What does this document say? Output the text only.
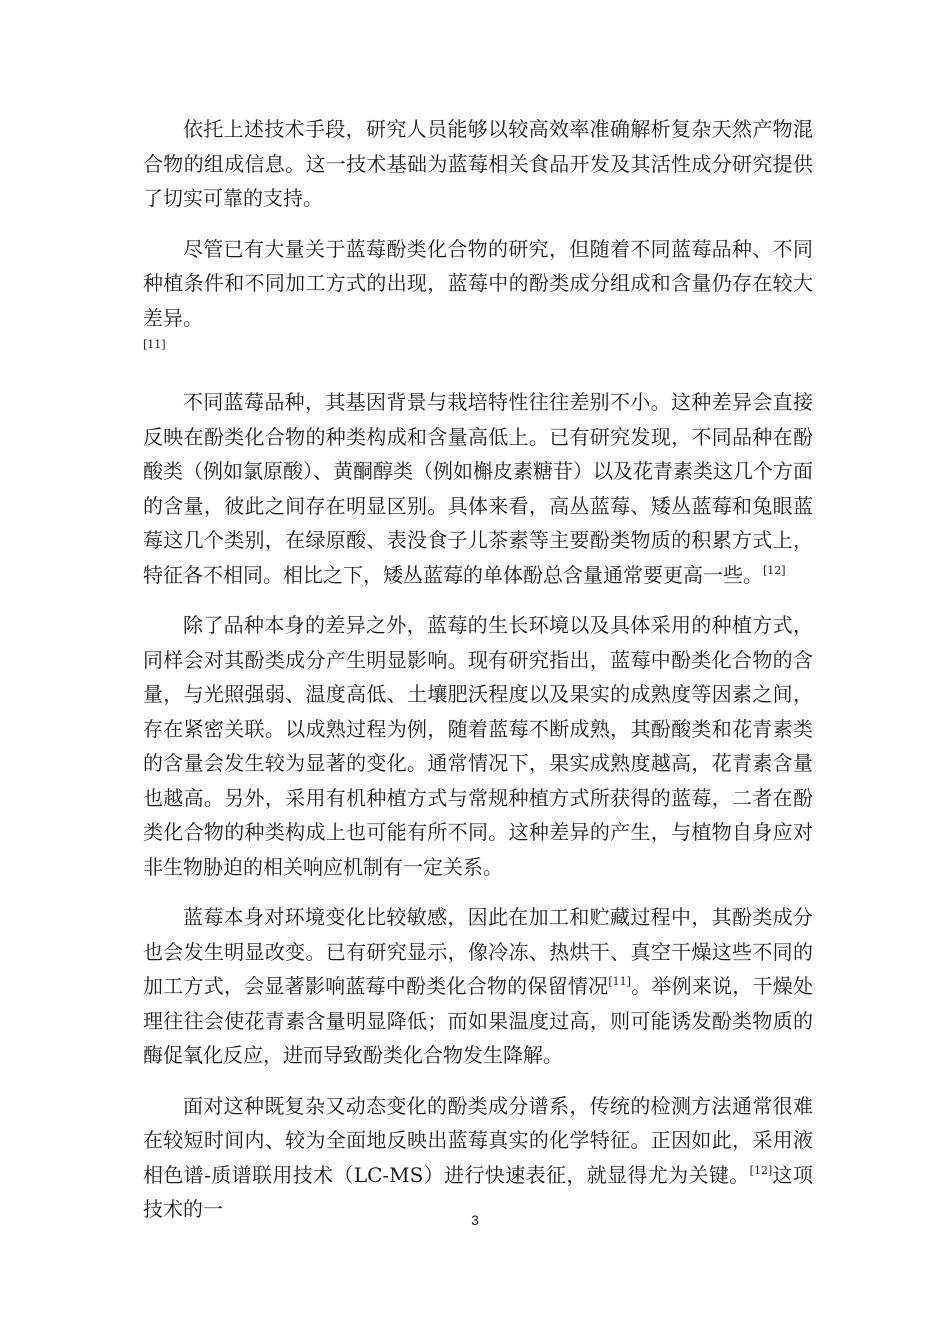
依托上述技术手段，研究人员能够以较高效率准确解析复杂天然产物混合物的组成信息。这一技术基础为蓝莓相关食品开发及其活性成分研究提供了切实可靠的支持。

尽管已有大量关于蓝莓酚类化合物的研究，但随着不同蓝莓品种、不同种植条件和不同加工方式的出现，蓝莓中的酚类成分组成和含量仍存在较大差异。

[11]

不同蓝莓品种，其基因背景与栽培特性往往差别不小。这种差异会直接反映在酚类化合物的种类构成和含量高低上。已有研究发现，不同品种在酚酸类（例如氯原酸）、黄酮醇类（例如槲皮素糖苷）以及花青素类这几个方面的含量，彼此之间存在明显区别。具体来看，高丛蓝莓、矮丛蓝莓和兔眼蓝莓这几个类别，在绿原酸、表没食子儿茶素等主要酚类物质的积累方式上，特征各不相同。相比之下，矮丛蓝莓的单体酚总含量通常要更高一些。[12]

除了品种本身的差异之外，蓝莓的生长环境以及具体采用的种植方式，同样会对其酚类成分产生明显影响。现有研究指出，蓝莓中酚类化合物的含量，与光照强弱、温度高低、土壤肥沃程度以及果实的成熟度等因素之间，存在紧密关联。以成熟过程为例，随着蓝莓不断成熟，其酚酸类和花青素类的含量会发生较为显著的变化。通常情况下，果实成熟度越高，花青素含量也越高。另外，采用有机种植方式与常规种植方式所获得的蓝莓，二者在酚类化合物的种类构成上也可能有所不同。这种差异的产生，与植物自身应对非生物胁迫的相关响应机制有一定关系。

蓝莓本身对环境变化比较敏感，因此在加工和贮藏过程中，其酚类成分也会发生明显改变。已有研究显示，像冷冻、热烘干、真空干燥这些不同的加工方式，会显著影响蓝莓中酚类化合物的保留情况[11]。举例来说，干燥处理往往会使花青素含量明显降低；而如果温度过高，则可能诱发酚类物质的酶促氧化反应，进而导致酚类化合物发生降解。

面对这种既复杂又动态变化的酚类成分谱系，传统的检测方法通常很难在较短时间内、较为全面地反映出蓝莓真实的化学特征。正因如此，采用液相色谱-质谱联用技术（LC-MS）进行快速表征，就显得尤为关键。[12]这项技术的一	3
